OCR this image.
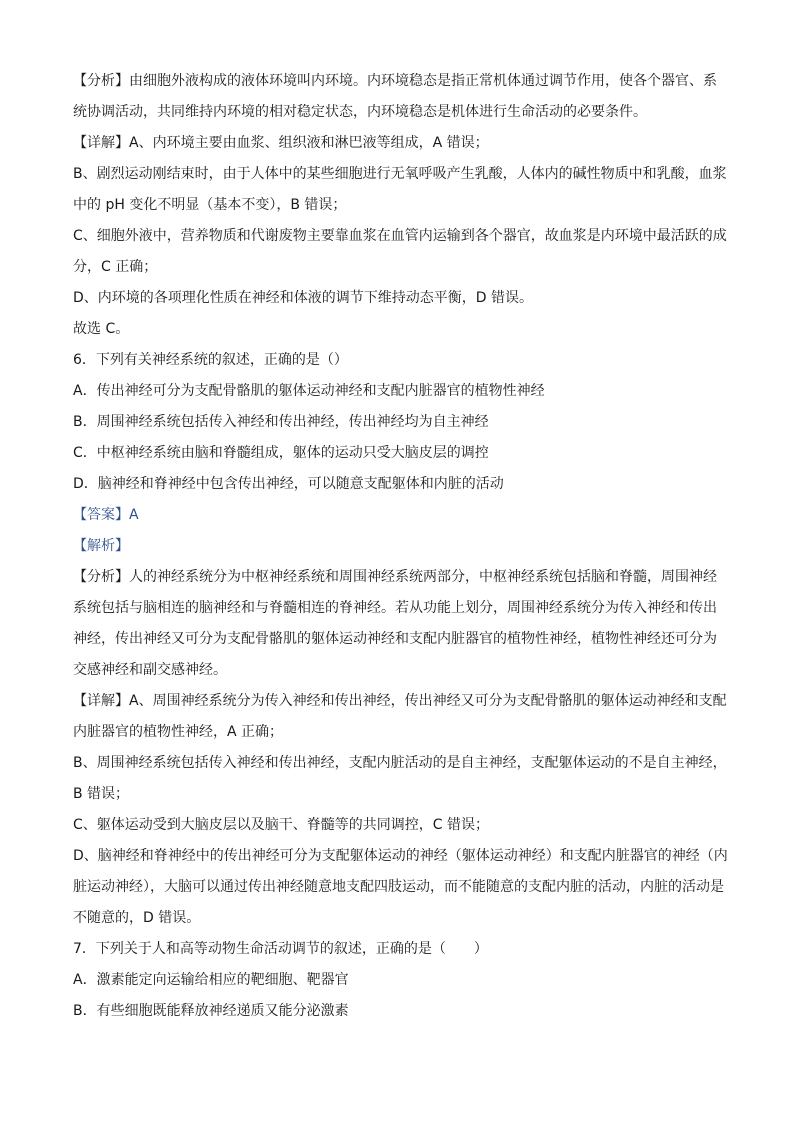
【分析】由细胞外液构成的液体环境叫内环境。内环境稳态是指正常机体通过调节作用，使各个器官、系
统协调活动，共同维持内环境的相对稳定状态，内环境稳态是机体进行生命活动的必要条件。
【详解】A、内环境主要由血浆、组织液和淋巴液等组成，A 错误；
B、剧烈运动刚结束时，由于人体中的某些细胞进行无氧呼吸产生乳酸，人体内的碱性物质中和乳酸，血浆
中的 pH 变化不明显（基本不变），B 错误；
C、细胞外液中，营养物质和代谢废物主要靠血浆在血管内运输到各个器官，故血浆是内环境中最活跃的成
分，C 正确；
D、内环境的各项理化性质在神经和体液的调节下维持动态平衡，D 错误。
故选 C。
6．下列有关神经系统的叙述，正确的是（）
A．传出神经可分为支配骨骼肌的躯体运动神经和支配内脏器官的植物性神经
B．周围神经系统包括传入神经和传出神经，传出神经均为自主神经
C．中枢神经系统由脑和脊髓组成，躯体的运动只受大脑皮层的调控
D．脑神经和脊神经中包含传出神经，可以随意支配躯体和内脏的活动
【答案】A
【解析】
【分析】人的神经系统分为中枢神经系统和周围神经系统两部分，中枢神经系统包括脑和脊髓，周围神经
系统包括与脑相连的脑神经和与脊髓相连的脊神经。若从功能上划分，周围神经系统分为传入神经和传出
神经，传出神经又可分为支配骨骼肌的躯体运动神经和支配内脏器官的植物性神经，植物性神经还可分为
交感神经和副交感神经。
【详解】A、周围神经系统分为传入神经和传出神经，传出神经又可分为支配骨骼肌的躯体运动神经和支配
内脏器官的植物性神经，A 正确；
B、周围神经系统包括传入神经和传出神经，支配内脏活动的是自主神经，支配躯体运动的不是自主神经，
B 错误；
C、躯体运动受到大脑皮层以及脑干、脊髓等的共同调控，C 错误；
D、脑神经和脊神经中的传出神经可分为支配躯体运动的神经（躯体运动神经）和支配内脏器官的神经（内
脏运动神经），大脑可以通过传出神经随意地支配四肢运动，而不能随意的支配内脏的活动，内脏的活动是
不随意的，D 错误。
7．下列关于人和高等动物生命活动调节的叙述，正确的是（　　）
A．激素能定向运输给相应的靶细胞、靶器官
B．有些细胞既能释放神经递质又能分泌激素
